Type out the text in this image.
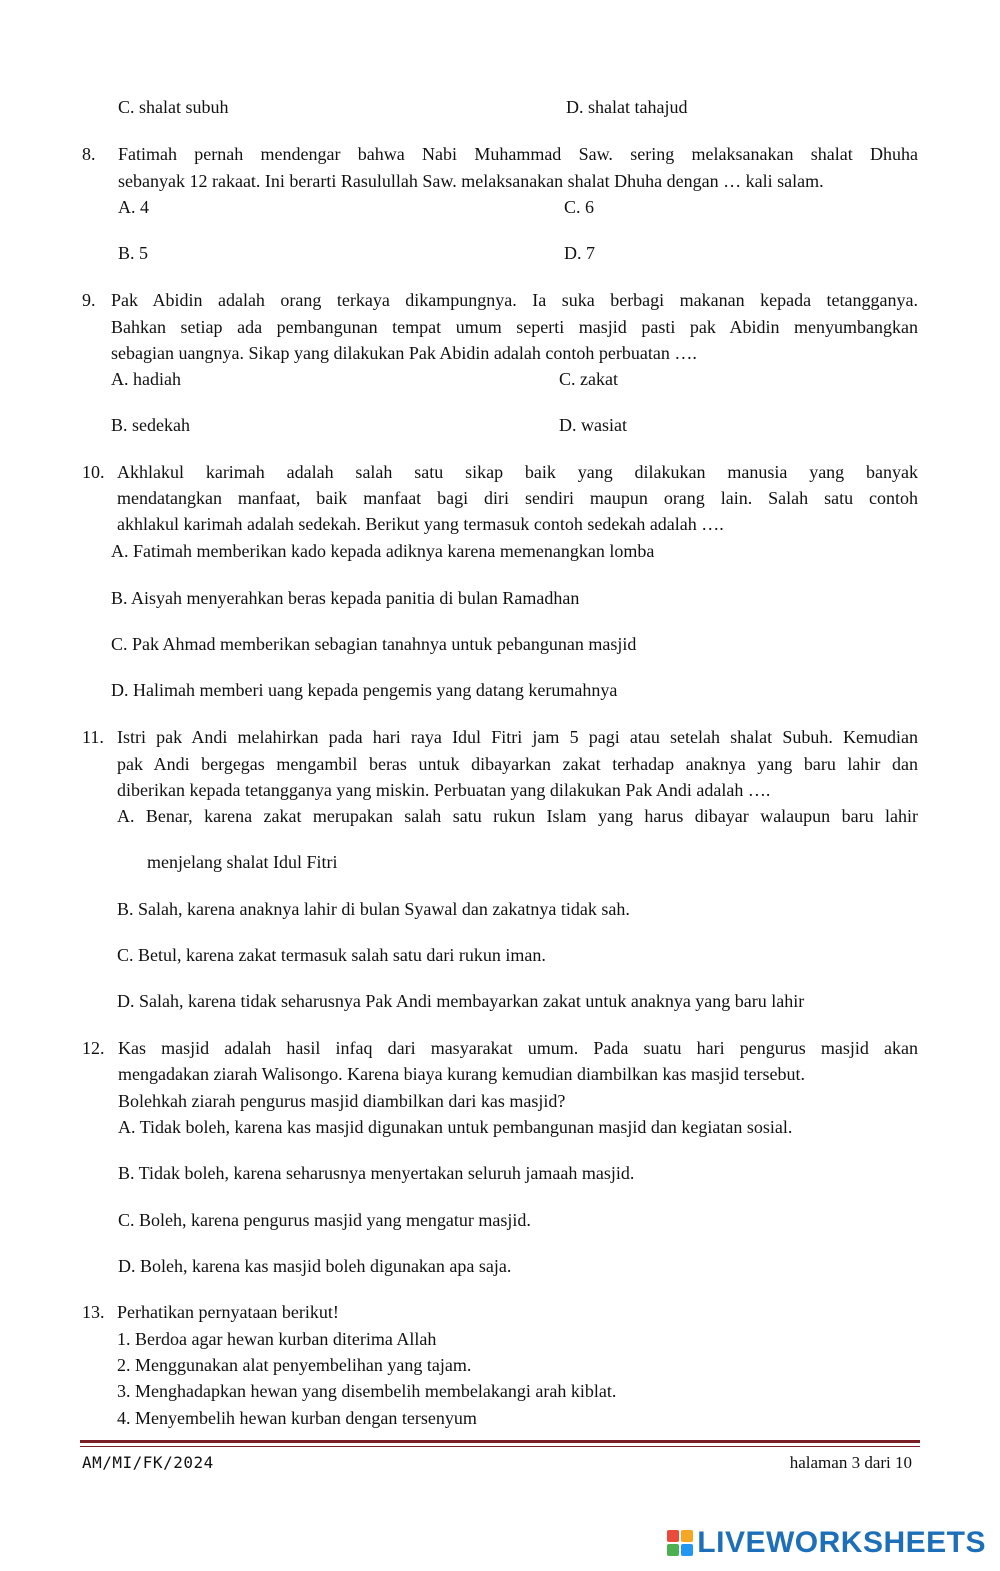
C. shalat subuh	D. shalat tahajud
8. Fatimah pernah mendengar bahwa Nabi Muhammad Saw. sering melaksanakan shalat Dhuha
sebanyak 12 rakaat. Ini berarti Rasulullah Saw. melaksanakan shalat Dhuha dengan … kali salam.
A. 4	C. 6
B. 5	D. 7
9. Pak Abidin adalah orang terkaya dikampungnya. Ia suka berbagi makanan kepada tetangganya.
Bahkan setiap ada pembangunan tempat umum seperti masjid pasti pak Abidin menyumbangkan
sebagian uangnya. Sikap yang dilakukan Pak Abidin adalah contoh perbuatan ….
A. hadiah	C. zakat
B. sedekah	D. wasiat
10. Akhlakul karimah adalah salah satu sikap baik yang dilakukan manusia yang banyak
mendatangkan manfaat, baik manfaat bagi diri sendiri maupun orang lain. Salah satu contoh
akhlakul karimah adalah sedekah. Berikut yang termasuk contoh sedekah adalah ….
A. Fatimah memberikan kado kepada adiknya karena memenangkan lomba
B. Aisyah menyerahkan beras kepada panitia di bulan Ramadhan
C. Pak Ahmad memberikan sebagian tanahnya untuk pebangunan masjid
D. Halimah memberi uang kepada pengemis yang datang kerumahnya
11. Istri pak Andi melahirkan pada hari raya Idul Fitri jam 5 pagi atau setelah shalat Subuh. Kemudian
pak Andi bergegas mengambil beras untuk dibayarkan zakat terhadap anaknya yang baru lahir dan
diberikan kepada tetangganya yang miskin. Perbuatan yang dilakukan Pak Andi adalah ….
A. Benar, karena zakat merupakan salah satu rukun Islam yang harus dibayar walaupun baru lahir
menjelang shalat Idul Fitri
B. Salah, karena anaknya lahir di bulan Syawal dan zakatnya tidak sah.
C. Betul, karena zakat termasuk salah satu dari rukun iman.
D. Salah, karena tidak seharusnya Pak Andi membayarkan zakat untuk anaknya yang baru lahir
12. Kas masjid adalah hasil infaq dari masyarakat umum. Pada suatu hari pengurus masjid akan
mengadakan ziarah Walisongo. Karena biaya kurang kemudian diambilkan kas masjid tersebut.
Bolehkah ziarah pengurus masjid diambilkan dari kas masjid?
A. Tidak boleh, karena kas masjid digunakan untuk pembangunan masjid dan kegiatan sosial.
B. Tidak boleh, karena seharusnya menyertakan seluruh jamaah masjid.
C. Boleh, karena pengurus masjid yang mengatur masjid.
D. Boleh, karena kas masjid boleh digunakan apa saja.
13. Perhatikan pernyataan berikut!
1. Berdoa agar hewan kurban diterima Allah
2. Menggunakan alat penyembelihan yang tajam.
3. Menghadapkan hewan yang disembelih membelakangi arah kiblat.
4. Menyembelih hewan kurban dengan tersenyum
AM/MI/FK/2024	halaman 3 dari 10
LIVEWORKSHEETS
